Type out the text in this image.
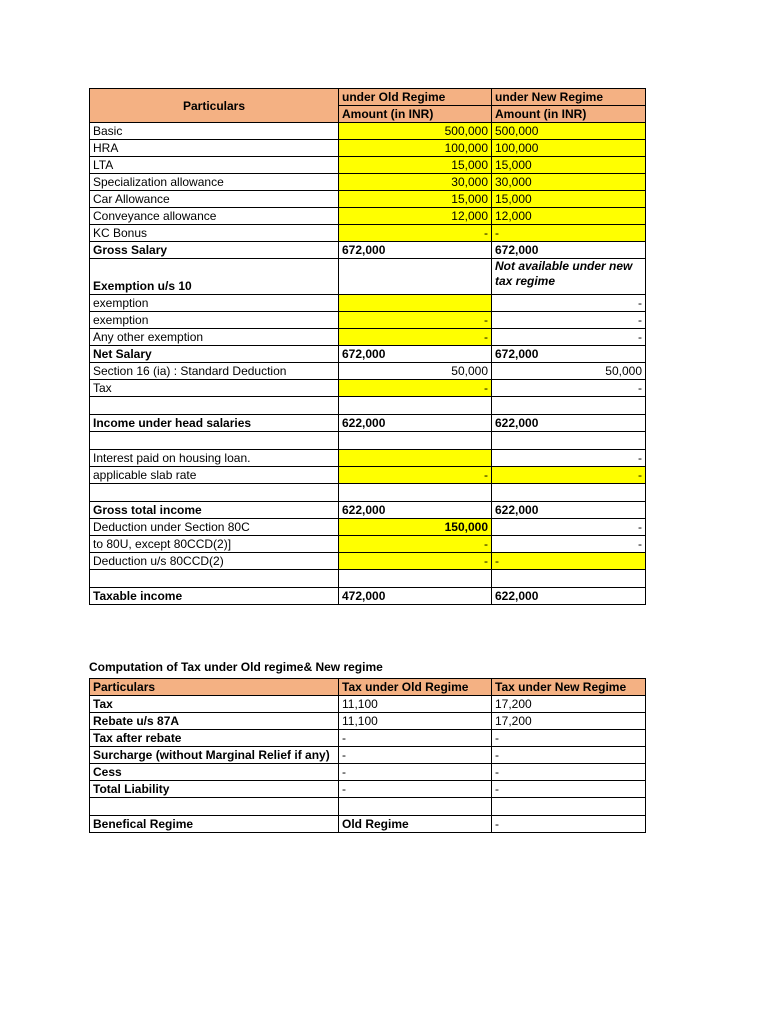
Particulars	under Old Regime	under New Regime
	Amount (in INR)	Amount (in INR)
Basic	500,000	500,000
HRA	100,000	100,000
LTA	15,000	15,000
Specialization allowance	30,000	30,000
Car Allowance	15,000	15,000
Conveyance allowance	12,000	12,000
KC Bonus	-	-
Gross Salary	672,000	672,000
Exemption u/s 10		Not available under new tax regime
exemption		-
exemption	-	-
Any other exemption	-	-
Net Salary	672,000	672,000
Section 16 (ia) : Standard Deduction	50,000	50,000
Tax	-	-

Income under head salaries	622,000	622,000

Interest paid on housing loan.		-
applicable slab rate	-	-

Gross total income	622,000	622,000
Deduction under Section 80C	150,000	-
to 80U, except 80CCD(2)]	-	-
Deduction u/s 80CCD(2)	-	-

Taxable income	472,000	622,000
Computation of Tax under Old regime& New regime
Particulars	Tax under Old Regime	Tax under New Regime
Tax	11,100	17,200
Rebate u/s 87A	11,100	17,200
Tax after rebate	-	-
Surcharge (without Marginal Relief if any)	-	-
Cess	-	-
Total Liability	-	-

Benefical Regime	Old Regime	-
